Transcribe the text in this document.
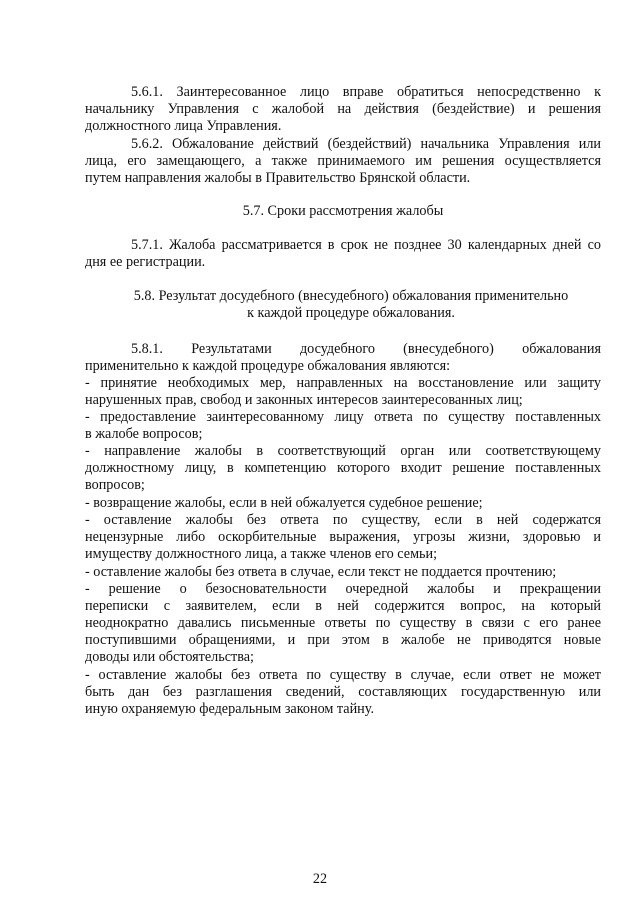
5.6.1. Заинтересованное лицо вправе обратиться непосредственно к

начальнику Управления с жалобой на действия (бездействие) и решения

должностного лица Управления.

5.6.2. Обжалование действий (бездействий) начальника Управления или

лица, его замещающего, а также принимаемого им решения осуществляется

путем направления жалобы в Правительство Брянской области.

5.7. Сроки рассмотрения жалобы

5.7.1. Жалоба рассматривается в срок не позднее 30 календарных дней со

дня ее регистрации.

5.8. Результат досудебного (внесудебного) обжалования применительно

к каждой процедуре обжалования.

5.8.1. Результатами досудебного (внесудебного) обжалования

применительно к каждой процедуре обжалования являются:

- принятие необходимых мер, направленных на восстановление или защиту

нарушенных прав, свобод и законных интересов заинтересованных лиц;

- предоставление заинтересованному лицу ответа по существу поставленных

в жалобе вопросов;

- направление жалобы в соответствующий орган или соответствующему

должностному лицу, в компетенцию которого входит решение поставленных

вопросов;

- возвращение жалобы, если в ней обжалуется судебное решение;

- оставление жалобы без ответа по существу, если в ней содержатся

нецензурные либо оскорбительные выражения, угрозы жизни, здоровью и

имуществу должностного лица, а также членов его семьи;

- оставление жалобы без ответа в случае, если текст не поддается прочтению;

- решение о безосновательности очередной жалобы и прекращении

переписки с заявителем, если в ней содержится вопрос, на который

неоднократно давались письменные ответы по существу в связи с его ранее

поступившими обращениями, и при этом в жалобе не приводятся новые

доводы или обстоятельства;

- оставление жалобы без ответа по существу в случае, если ответ не может

быть дан без разглашения сведений, составляющих государственную или

иную охраняемую федеральным законом тайну.

22
